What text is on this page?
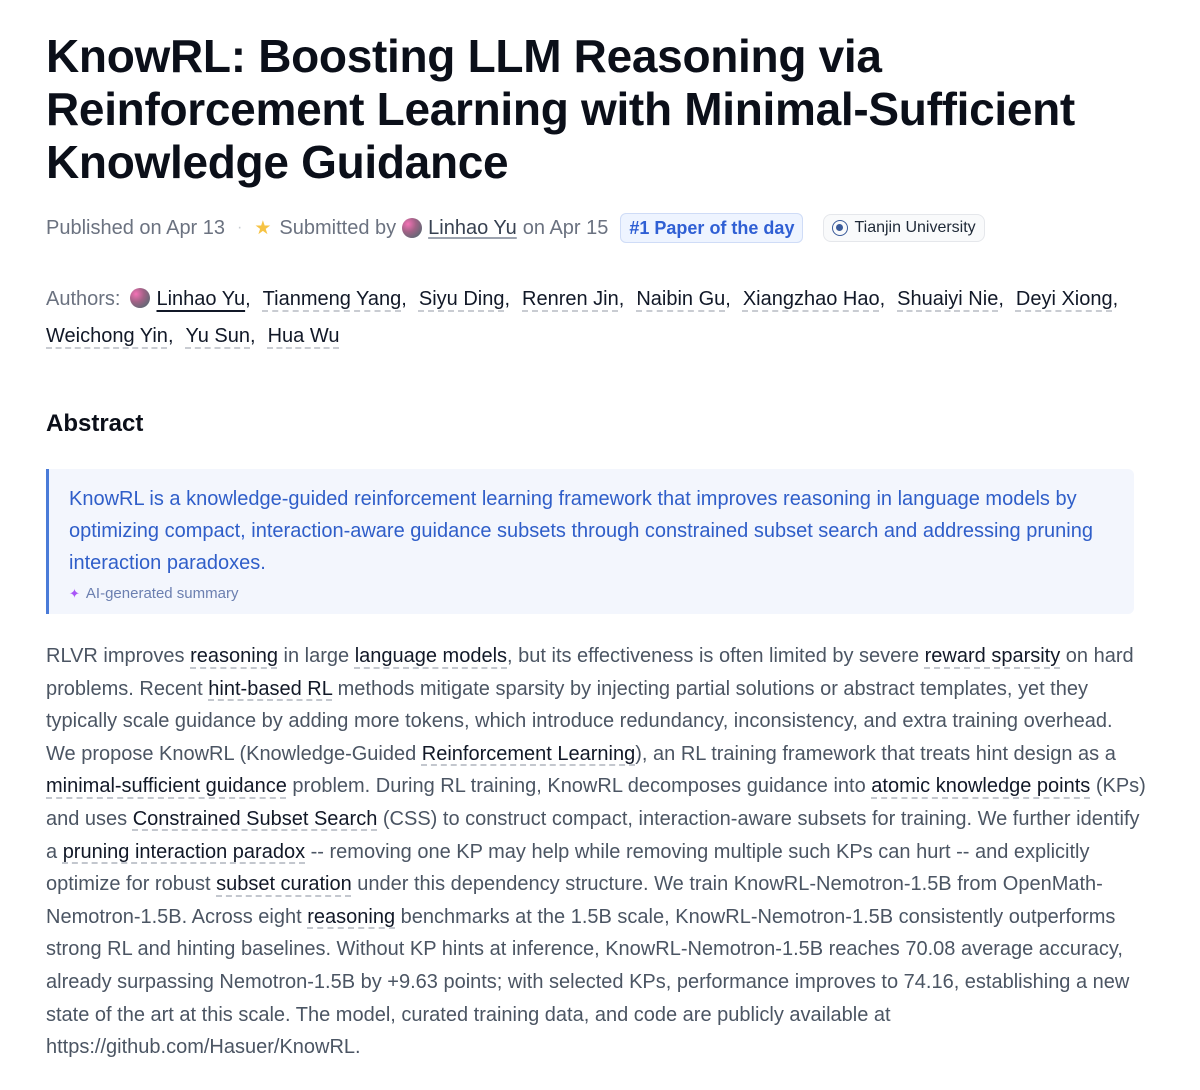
KnowRL: Boosting LLM Reasoning via Reinforcement Learning with Minimal-Sufficient Knowledge Guidance
Published on Apr 13 · ★ Submitted by Linhao Yu on Apr 15	#1 Paper of the day	Tianjin University
Authors: Linhao Yu, Tianmeng Yang, Siyu Ding, Renren Jin, Naibin Gu, Xiangzhao Hao, Shuaiyi Nie, Deyi Xiong,
Weichong Yin, Yu Sun, Hua Wu
Abstract
KnowRL is a knowledge-guided reinforcement learning framework that improves reasoning in language models by optimizing compact, interaction-aware guidance subsets through constrained subset search and addressing pruning interaction paradoxes.
✦ AI-generated summary
RLVR improves reasoning in large language models, but its effectiveness is often limited by severe reward sparsity on hard problems. Recent hint-based RL methods mitigate sparsity by injecting partial solutions or abstract templates, yet they typically scale guidance by adding more tokens, which introduce redundancy, inconsistency, and extra training overhead. We propose KnowRL (Knowledge-Guided Reinforcement Learning), an RL training framework that treats hint design as a minimal-sufficient guidance problem. During RL training, KnowRL decomposes guidance into atomic knowledge points (KPs) and uses Constrained Subset Search (CSS) to construct compact, interaction-aware subsets for training. We further identify a pruning interaction paradox -- removing one KP may help while removing multiple such KPs can hurt -- and explicitly optimize for robust subset curation under this dependency structure. We train KnowRL-Nemotron-1.5B from OpenMath-Nemotron-1.5B. Across eight reasoning benchmarks at the 1.5B scale, KnowRL-Nemotron-1.5B consistently outperforms strong RL and hinting baselines. Without KP hints at inference, KnowRL-Nemotron-1.5B reaches 70.08 average accuracy, already surpassing Nemotron-1.5B by +9.63 points; with selected KPs, performance improves to 74.16, establishing a new state of the art at this scale. The model, curated training data, and code are publicly available at https://github.com/Hasuer/KnowRL.
